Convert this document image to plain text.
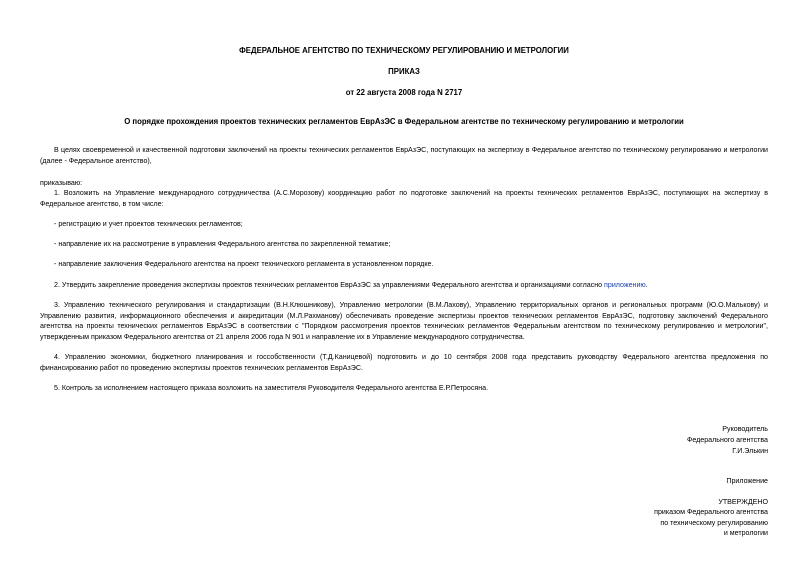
ФЕДЕРАЛЬНОЕ АГЕНТСТВО ПО ТЕХНИЧЕСКОМУ РЕГУЛИРОВАНИЮ И МЕТРОЛОГИИ
ПРИКАЗ
от 22 августа 2008 года N 2717
О порядке прохождения проектов технических регламентов ЕврАзЭС в Федеральном агентстве по техническому регулированию и метрологии
В целях своевременной и качественной подготовки заключений на проекты технических регламентов ЕврАзЭС, поступающих на экспертизу в Федеральное агентство по техническому регулированию и метрологии (далее - Федеральное агентство),
приказываю:
1. Возложить на Управление международного сотрудничества (А.С.Морозову) координацию работ по подготовке заключений на проекты технических регламентов ЕврАзЭС, поступающих на экспертизу в Федеральное агентство, в том числе:
- регистрацию и учет проектов технических регламентов;
- направление их на рассмотрение в управления Федерального агентства по закрепленной тематике;
- направление заключения Федерального агентства на проект технического регламента в установленном порядке.
2. Утвердить закрепление проведения экспертизы проектов технических регламентов ЕврАзЭС за управлениями Федерального агентства и организациями согласно приложению.
3. Управлению технического регулирования и стандартизации (В.Н.Клюшникову), Управлению метрологии (В.М.Лахову), Управлению территориальных органов и региональных программ (Ю.О.Малькову) и Управлению развития, информационного обеспечения и аккредитации (М.Л.Рахманову) обеспечивать проведение экспертизы проектов технических регламентов ЕврАзЭС, подготовку заключений Федерального агентства на проекты технических регламентов ЕврАзЭС в соответствии с "Порядком рассмотрения проектов технических регламентов Федеральным агентством по техническому регулированию и метрологии", утвержденным приказом Федерального агентства от 21 апреля 2006 года N 901 и направление их в Управление международного сотрудничества.
4. Управлению экономики, бюджетного планирования и госсобственности (Т.Д.Каницевой) подготовить и до 10 сентября 2008 года представить руководству Федерального агентства предложения по финансированию работ по проведению экспертизы проектов технических регламентов ЕврАзЭС.
5. Контроль за исполнением настоящего приказа возложить на заместителя Руководителя Федерального агентства Е.Р.Петросяна.
Руководитель
Федерального агентства
Г.И.Элькин
Приложение
УТВЕРЖДЕНО
приказом Федерального агентства
по техническому регулированию
и метрологии
